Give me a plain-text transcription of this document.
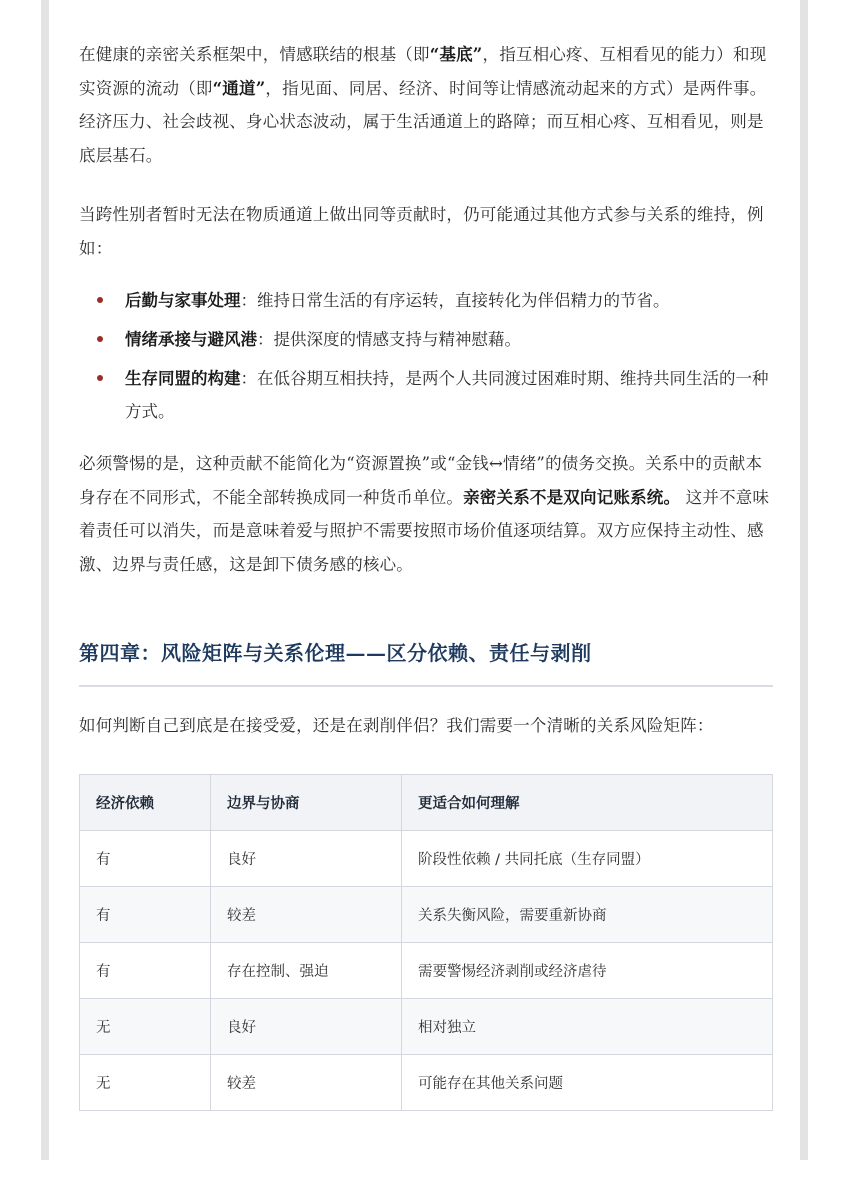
在健康的亲密关系框架中，情感联结的根基（即“基底”，指互相心疼、互相看见的能力）和现实资源的流动（即“通道”，指见面、同居、经济、时间等让情感流动起来的方式）是两件事。经济压力、社会歧视、身心状态波动，属于生活通道上的路障；而互相心疼、互相看见，则是底层基石。

当跨性别者暂时无法在物质通道上做出同等贡献时，仍可能通过其他方式参与关系的维持，例如：

后勤与家事处理：维持日常生活的有序运转，直接转化为伴侣精力的节省。
情绪承接与避风港：提供深度的情感支持与精神慰藉。
生存同盟的构建：在低谷期互相扶持，是两个人共同渡过困难时期、维持共同生活的一种方式。

必须警惕的是，这种贡献不能简化为“资源置换”或“金钱↔情绪”的债务交换。关系中的贡献本身存在不同形式，不能全部转换成同一种货币单位。亲密关系不是双向记账系统。 这并不意味着责任可以消失，而是意味着爱与照护不需要按照市场价值逐项结算。双方应保持主动性、感激、边界与责任感，这是卸下债务感的核心。

第四章：风险矩阵与关系伦理——区分依赖、责任与剥削

如何判断自己到底是在接受爱，还是在剥削伴侣？我们需要一个清晰的关系风险矩阵：

经济依赖	边界与协商	更适合如何理解
有	良好	阶段性依赖 / 共同托底（生存同盟）
有	较差	关系失衡风险，需要重新协商
有	存在控制、强迫	需要警惕经济剥削或经济虐待
无	良好	相对独立
无	较差	可能存在其他关系问题
